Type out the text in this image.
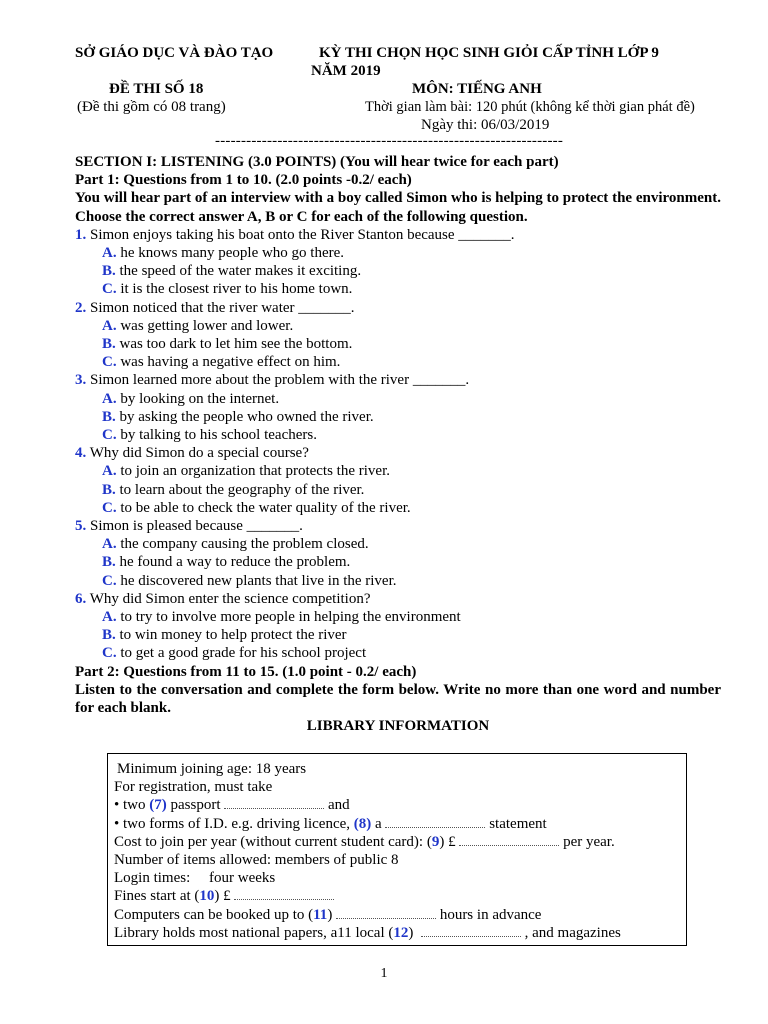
SỞ GIÁO DỤC VÀ ĐÀO TẠO	KỲ THI CHỌN HỌC SINH GIỎI CẤP TỈNH LỚP 9
NĂM 2019
ĐỀ THI SỐ 18	MÔN: TIẾNG ANH
(Đề thi gồm có 08 trang)	Thời gian làm bài: 120 phút (không kể thời gian phát đề)
Ngày thi: 06/03/2019
-------------------------------------------------------------------
SECTION I: LISTENING (3.0 POINTS) (You will hear twice for each part)
Part 1: Questions from 1 to 10. (2.0 points -0.2/ each)
You will hear part of an interview with a boy called Simon who is helping to protect the environment. Choose the correct answer A, B or C for each of the following question.
1. Simon enjoys taking his boat onto the River Stanton because _______.
A. he knows many people who go there.
B. the speed of the water makes it exciting.
C. it is the closest river to his home town.
2. Simon noticed that the river water _______.
A. was getting lower and lower.
B. was too dark to let him see the bottom.
C. was having a negative effect on him.
3. Simon learned more about the problem with the river _______.
A. by looking on the internet.
B. by asking the people who owned the river.
C. by talking to his school teachers.
4. Why did Simon do a special course?
A. to join an organization that protects the river.
B. to learn about the geography of the river.
C. to be able to check the water quality of the river.
5. Simon is pleased because _______.
A. the company causing the problem closed.
B. he found a way to reduce the problem.
C. he discovered new plants that live in the river.
6. Why did Simon enter the science competition?
A. to try to involve more people in helping the environment
B. to win money to help protect the river
C. to get a good grade for his school project
Part 2: Questions from 11 to 15. (1.0 point - 0.2/ each)
Listen to the conversation and complete the form below. Write no more than one word and number for each blank.
LIBRARY INFORMATION
Minimum joining age: 18 years
For registration, must take
• two (7) passport	and
• two forms of I.D. e.g. driving licence, (8) a	statement
Cost to join per year (without current student card): (9) £	per year.
Number of items allowed: members of public 8
Login times:     four weeks
Fines start at (10) £
Computers can be booked up to (11)	hours in advance
Library holds most national papers, a11 local (12)	, and magazines
1
